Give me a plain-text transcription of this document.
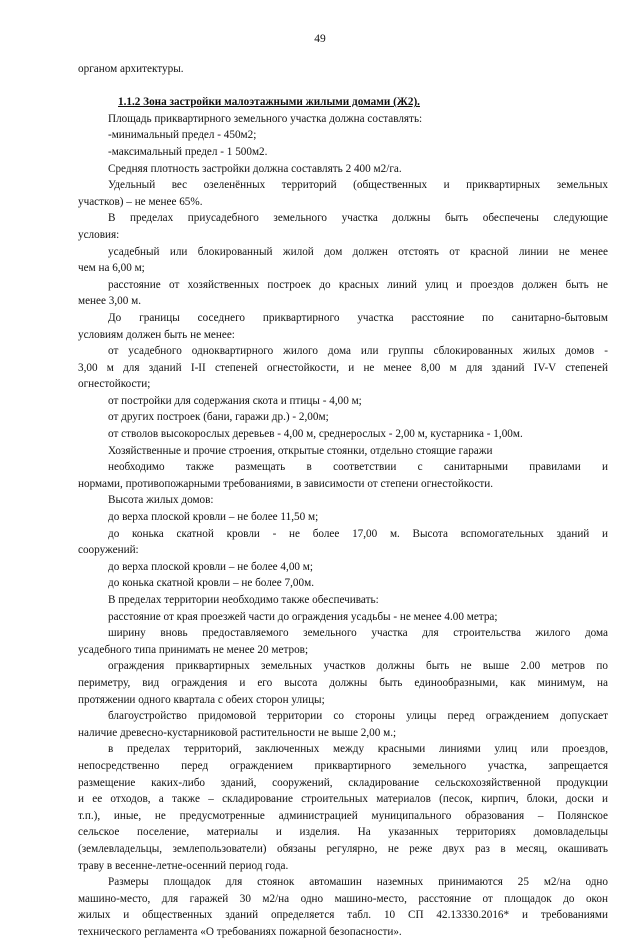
49
органом архитектуры.
1.1.2 Зона застройки малоэтажными жилыми домами (Ж2).
Площадь приквартирного земельного участка должна составлять:
-минимальный предел - 450м2;
-максимальный предел - 1 500м2.
Средняя плотность застройки должна составлять 2 400 м2/га.
Удельный вес озеленённых территорий (общественных и приквартирных земельных
участков) – не менее 65%.
В пределах приусадебного земельного участка должны быть обеспечены следующие
условия:
усадебный или блокированный жилой дом должен отстоять от красной линии не менее
чем на 6,00 м;
расстояние от хозяйственных построек до красных линий улиц и проездов должен быть не
менее 3,00 м.
До границы соседнего приквартирного участка расстояние по санитарно-бытовым
условиям должен быть не менее:
от усадебного одноквартирного жилого дома или группы сблокированных жилых домов -
3,00 м для зданий I-II степеней огнестойкости, и не менее 8,00 м для зданий IV-V степеней
огнестойкости;
от постройки для содержания скота и птицы - 4,00 м;
от других построек (бани, гаражи др.) - 2,00м;
от стволов высокорослых деревьев - 4,00 м, среднерослых - 2,00 м, кустарника - 1,00м.
Хозяйственные и прочие строения, открытые стоянки, отдельно стоящие гаражи
необходимо также размещать в соответствии с санитарными правилами и
нормами, противопожарными требованиями, в зависимости от степени огнестойкости.
Высота жилых домов:
до верха плоской кровли – не более 11,50 м;
до конька скатной кровли - не более 17,00 м. Высота вспомогательных зданий и
сооружений:
до верха плоской кровли – не более 4,00 м;
до конька скатной кровли – не более 7,00м.
В пределах территории необходимо также обеспечивать:
расстояние от края проезжей части до ограждения усадьбы - не менее 4.00 метра;
ширину вновь предоставляемого земельного участка для строительства жилого дома
усадебного типа принимать не менее 20 метров;
ограждения приквартирных земельных участков должны быть не выше 2.00 метров по
периметру, вид ограждения и его высота должны быть единообразными, как минимум, на
протяжении одного квартала с обеих сторон улицы;
благоустройство придомовой территории со стороны улицы перед ограждением допускает
наличие древесно-кустарниковой растительности не выше 2,00 м.;
в пределах территорий, заключенных между красными линиями улиц или проездов,
непосредственно перед ограждением приквартирного земельного участка, запрещается
размещение каких-либо зданий, сооружений, складирование сельскохозяйственной продукции
и ее отходов, а также – складирование строительных материалов (песок, кирпич, блоки, доски и
т.п.), иные, не предусмотренные администрацией муниципального образования – Полянское
сельское поселение, материалы и изделия. На указанных территориях домовладельцы
(землевладельцы, землепользователи) обязаны регулярно, не реже двух раз в месяц, окашивать
траву в весенне-летне-осенний период года.
Размеры площадок для стоянок автомашин наземных принимаются 25 м2/на одно
машино-место, для гаражей 30 м2/на одно машино-место, расстояние от площадок до окон
жилых и общественных зданий определяется табл. 10 СП 42.13330.2016* и требованиями
технического регламента «О требованиях пожарной безопасности».
